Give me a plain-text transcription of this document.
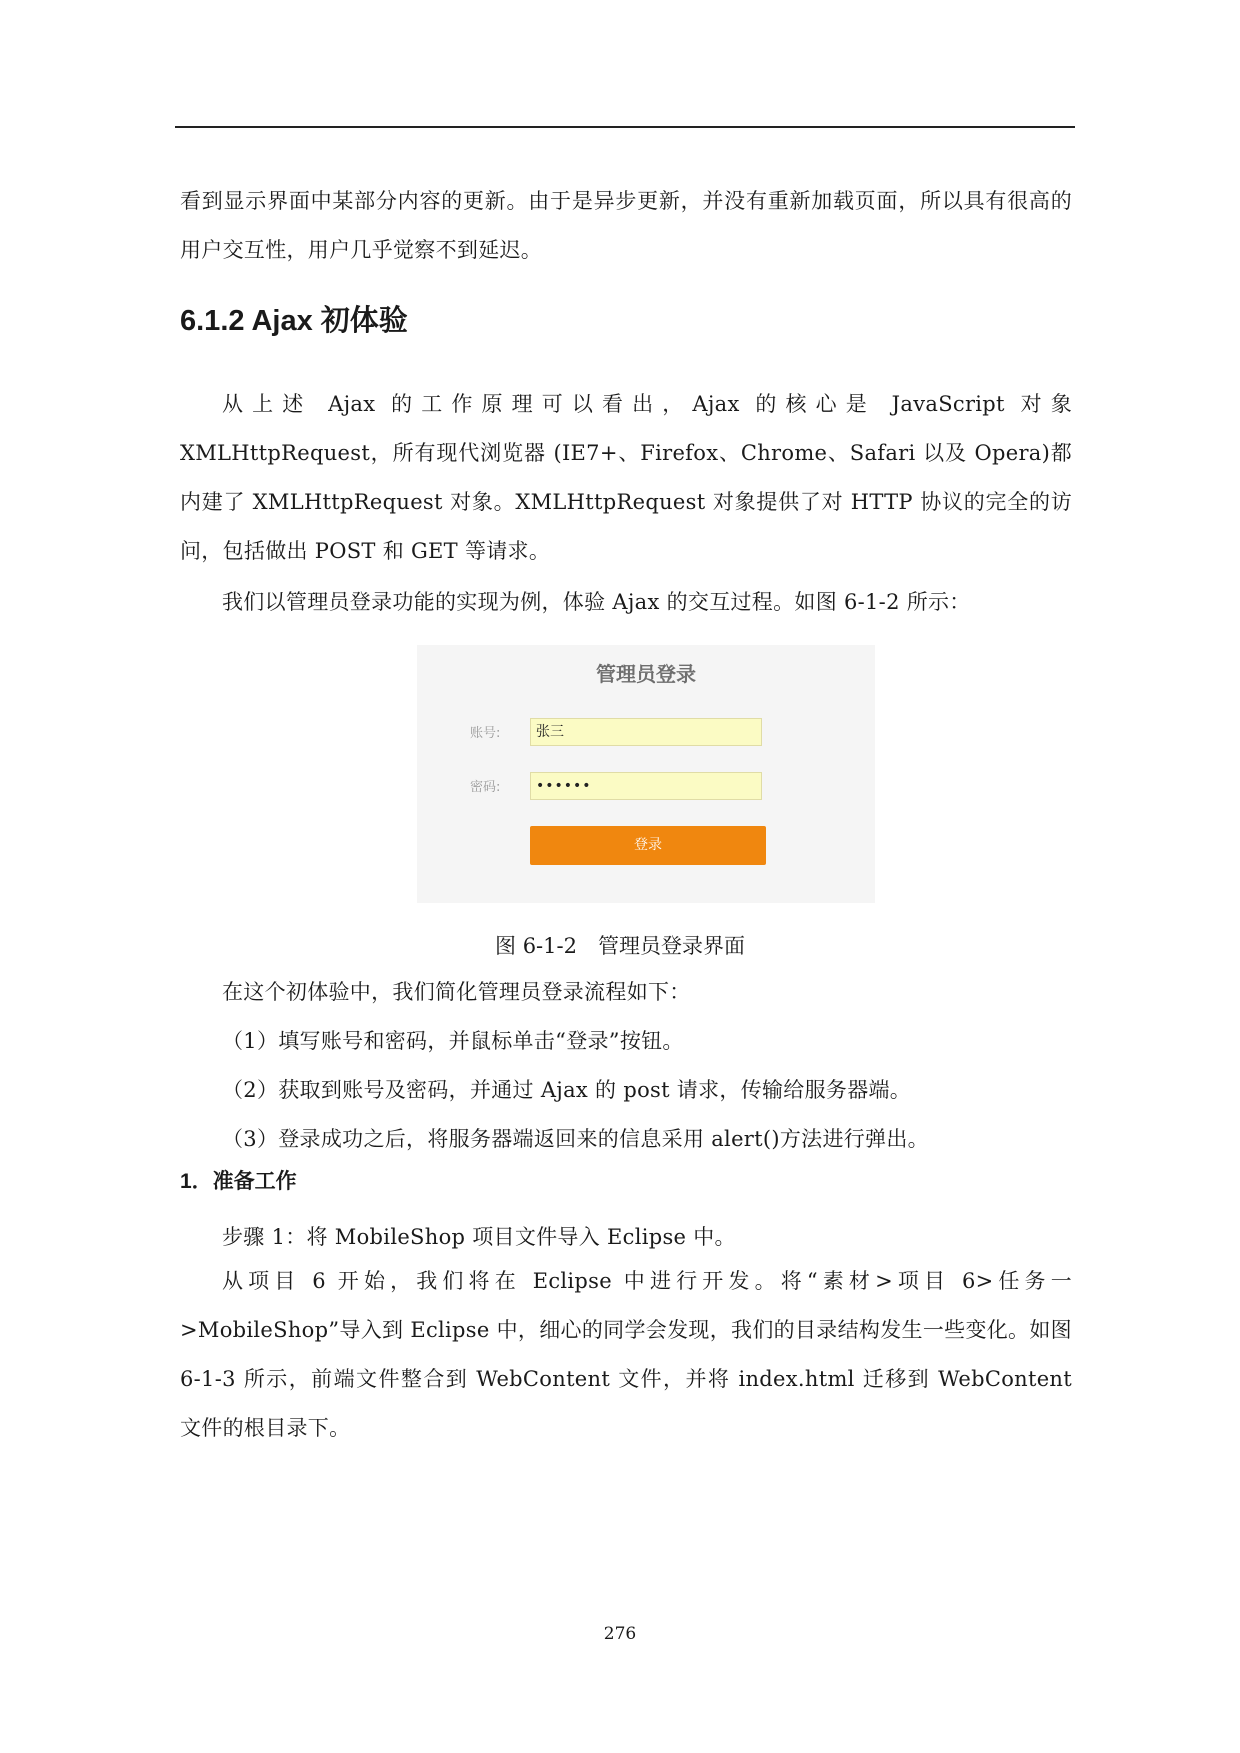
看到显示界面中某部分内容的更新。由于是异步更新，并没有重新加载页面，所以具有很高的用户交互性，用户几乎觉察不到延迟。

6.1.2 Ajax 初体验

从上述 Ajax 的工作原理可以看出，Ajax 的核心是 JavaScript 对象 XMLHttpRequest，所有现代浏览器 (IE7+、Firefox、Chrome、Safari 以及 Opera)都内建了 XMLHttpRequest 对象。XMLHttpRequest 对象提供了对 HTTP 协议的完全的访问，包括做出 POST 和 GET 等请求。

我们以管理员登录功能的实现为例，体验 Ajax 的交互过程。如图 6-1-2 所示：

管理员登录
账号:	张三
密码:	••••••
登录

图 6-1-2　管理员登录界面

在这个初体验中，我们简化管理员登录流程如下：

（1）填写账号和密码，并鼠标单击“登录”按钮。

（2）获取到账号及密码，并通过 Ajax 的 post 请求，传输给服务器端。

（3）登录成功之后，将服务器端返回来的信息采用 alert()方法进行弹出。

1．准备工作

步骤 1：将 MobileShop 项目文件导入 Eclipse 中。

从项目 6 开始，我们将在 Eclipse 中进行开发。将“素材>项目 6>任务一>MobileShop”导入到 Eclipse 中，细心的同学会发现，我们的目录结构发生一些变化。如图 6-1-3 所示，前端文件整合到 WebContent 文件，并将 index.html 迁移到 WebContent 文件的根目录下。

276
